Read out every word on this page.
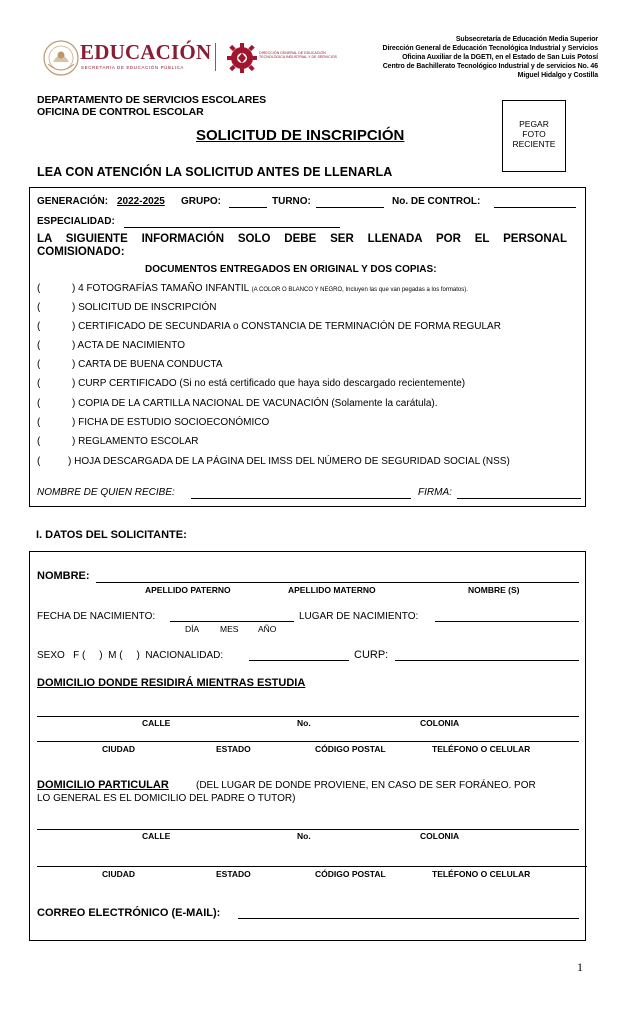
EDUCACIÓN
SECRETARÍA DE EDUCACIÓN PÚBLICA
DIRECCIÓN GENERAL DE EDUCACIÓN TECNOLÓGICA INDUSTRIAL Y DE SERVICIOS
Subsecretaría de Educación Media Superior
Dirección General de Educación Tecnológica Industrial y Servicios
Oficina Auxiliar de la DGETI, en el Estado de San Luis Potosí
Centro de Bachillerato Tecnológico Industrial y de servicios No. 46
Miguel Hidalgo y Costilla
DEPARTAMENTO DE SERVICIOS ESCOLARES
OFICINA DE CONTROL ESCOLAR
SOLICITUD DE INSCRIPCIÓN
PEGAR
FOTO
RECIENTE
LEA CON ATENCIÓN LA SOLICITUD ANTES DE LLENARLA
GENERACIÓN: 2022-2025 GRUPO:	TURNO:	No. DE CONTROL:
ESPECIALIDAD:
LA SIGUIENTE INFORMACIÓN SOLO DEBE SER LLENADA POR EL PERSONAL COMISIONADO:
DOCUMENTOS ENTREGADOS EN ORIGINAL Y DOS COPIAS:
(	) 4 FOTOGRAFÍAS TAMAÑO INFANTIL (A COLOR O BLANCO Y NEGRO, Incluyen las que van pegadas a los formatos).
(	) SOLICITUD DE INSCRIPCIÓN
(	) CERTIFICADO DE SECUNDARIA o CONSTANCIA DE TERMINACIÓN DE FORMA REGULAR
(	) ACTA DE NACIMIENTO
(	) CARTA DE BUENA CONDUCTA
(	) CURP CERTIFICADO (Si no está certificado que haya sido descargado recientemente)
(	) COPIA DE LA CARTILLA NACIONAL DE VACUNACIÓN (Solamente la carátula).
(	) FICHA DE ESTUDIO SOCIOECONÓMICO
(	) REGLAMENTO ESCOLAR
(	) HOJA DESCARGADA DE LA PÁGINA DEL IMSS DEL NÚMERO DE SEGURIDAD SOCIAL (NSS)
NOMBRE DE QUIEN RECIBE:	FIRMA:
I. DATOS DEL SOLICITANTE:
NOMBRE:
APELLIDO PATERNO	APELLIDO MATERNO	NOMBRE (S)
FECHA DE NACIMIENTO:
DÍA MES AÑO
LUGAR DE NACIMIENTO:
SEXO   F (     )  M (     )  NACIONALIDAD:	CURP:
DOMICILIO DONDE RESIDIRÁ MIENTRAS ESTUDIA
CALLE	No.	COLONIA
CIUDAD	ESTADO	CÓDIGO POSTAL	TELÉFONO O CELULAR
DOMICILIO PARTICULAR	(DEL LUGAR DE DONDE PROVIENE, EN CASO DE SER FORÁNEO. POR
LO GENERAL ES EL DOMICILIO DEL PADRE O TUTOR)
CALLE	No.	COLONIA
CIUDAD	ESTADO	CÓDIGO POSTAL	TELÉFONO O CELULAR
CORREO ELECTRÓNICO (E-MAIL):
1
